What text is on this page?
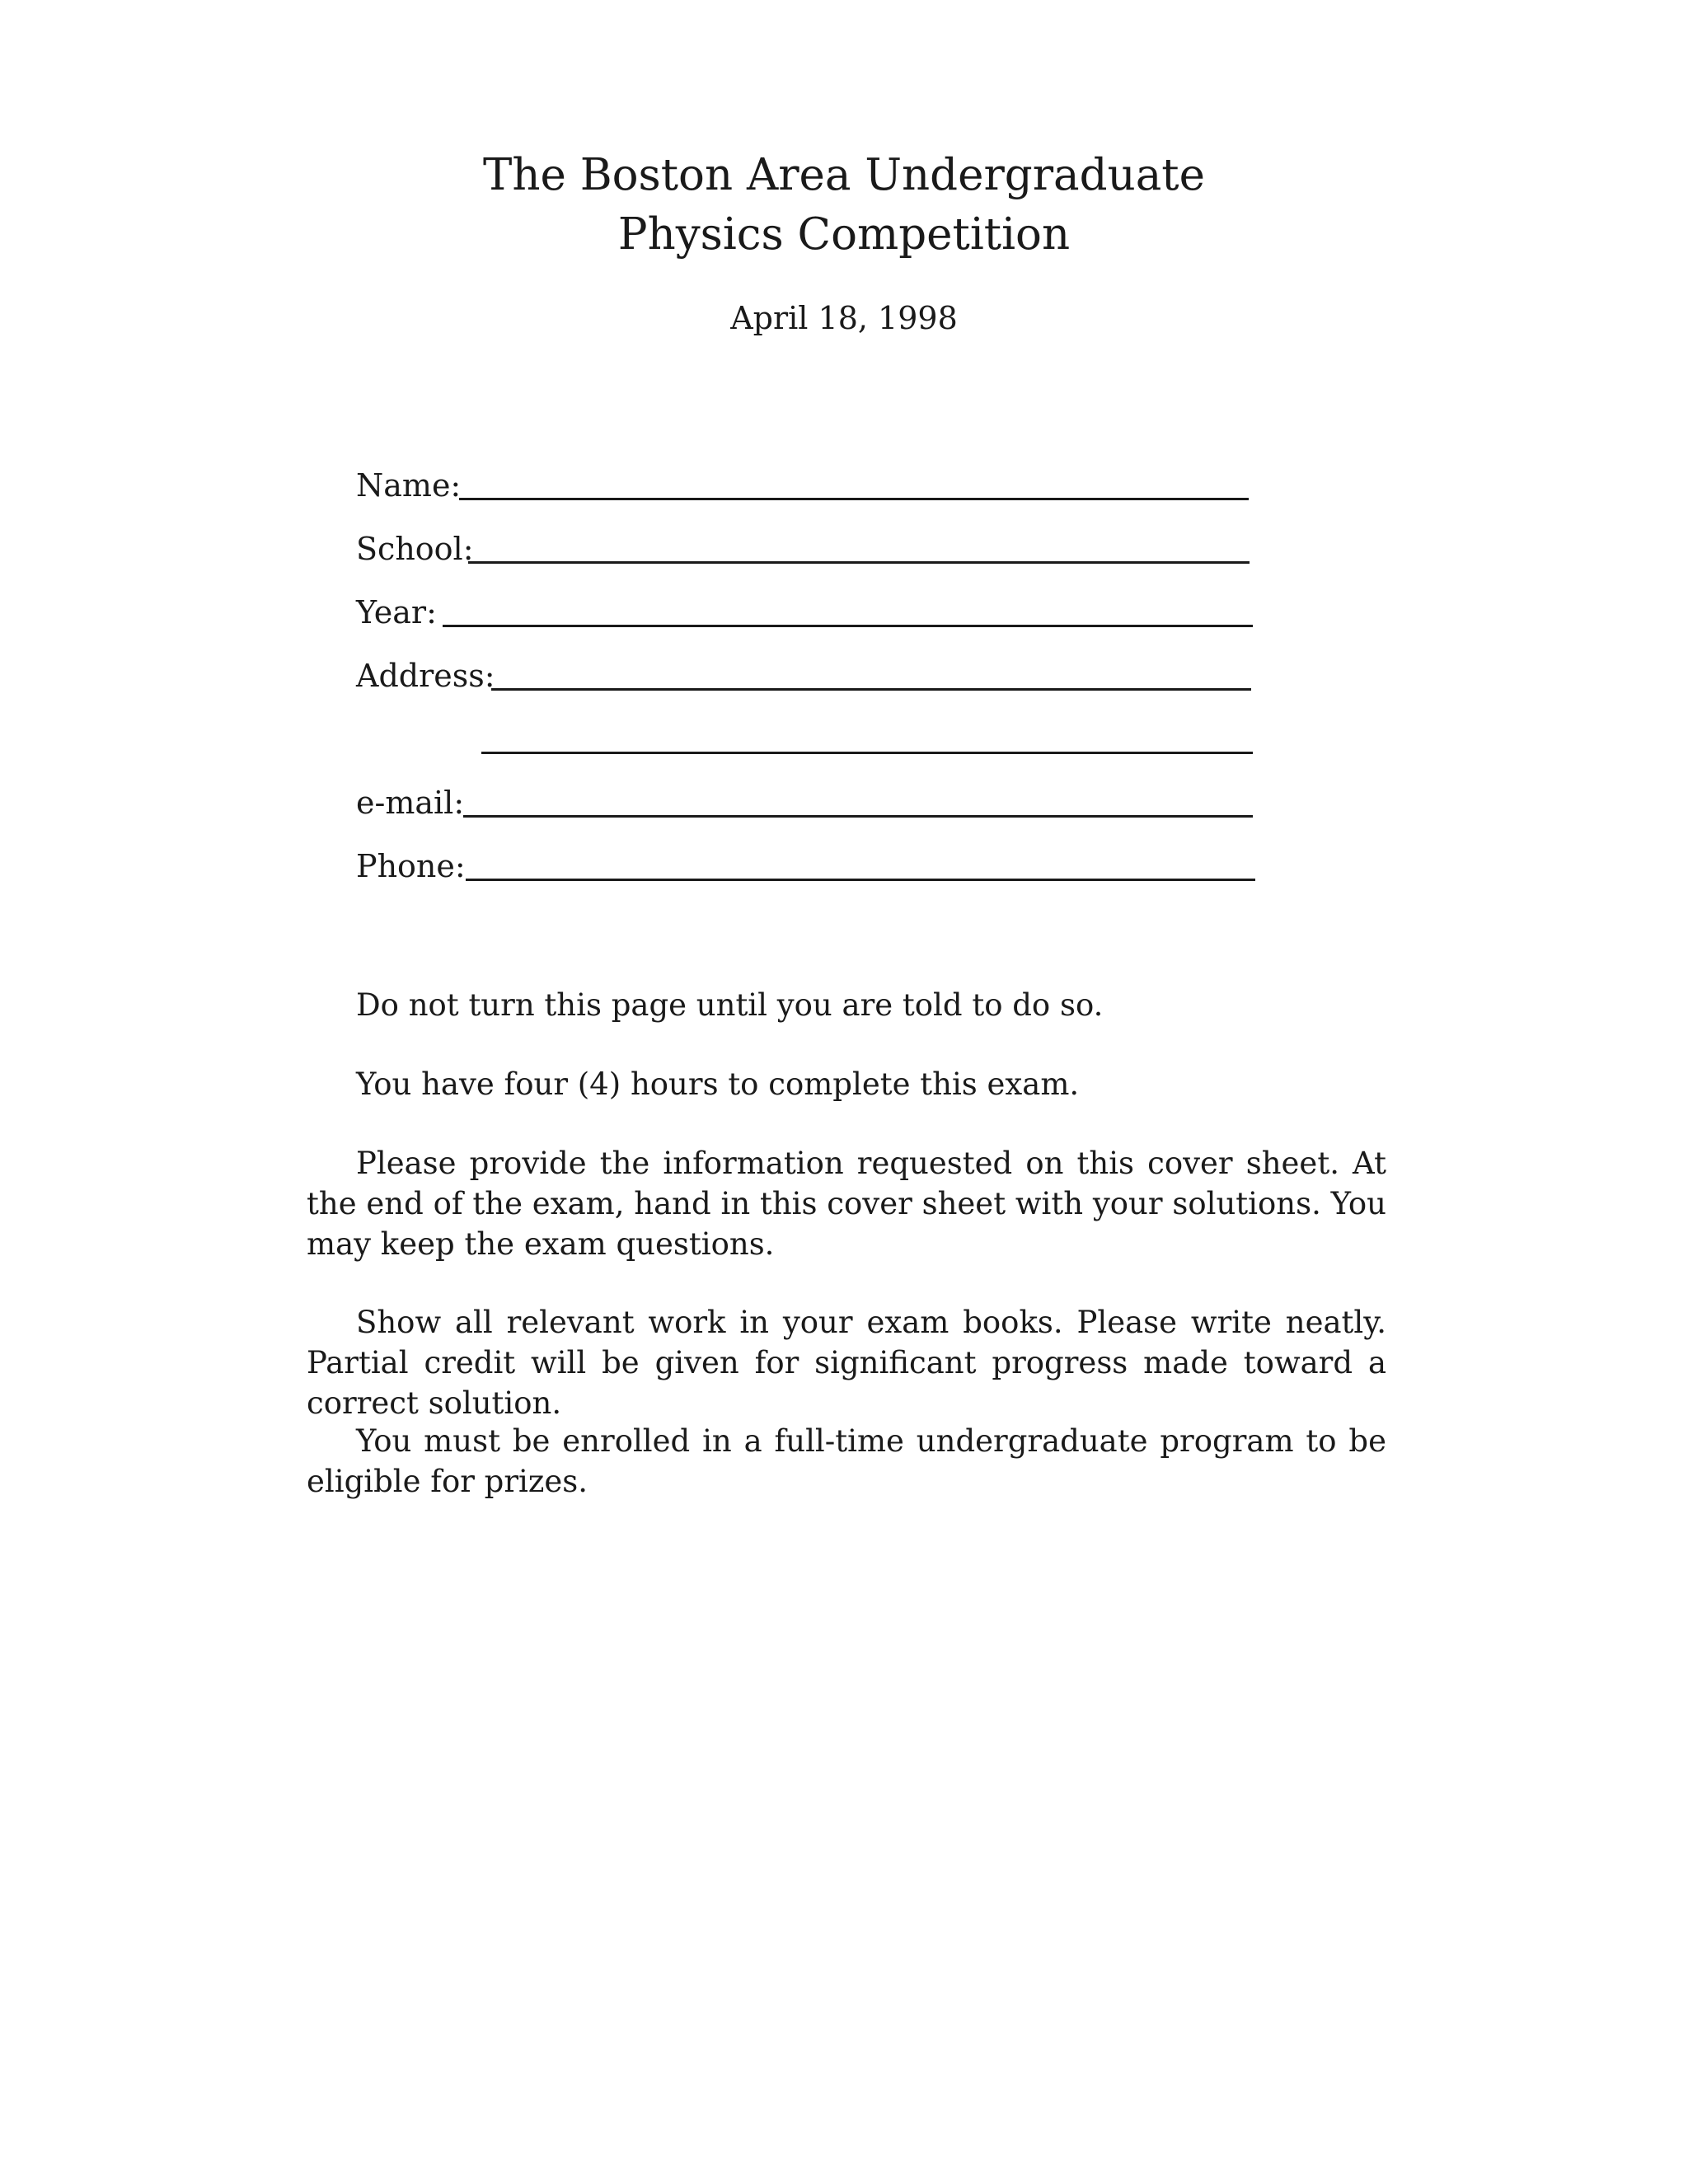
The Boston Area Undergraduate
Physics Competition
April 18, 1998
Name:
School:
Year:
Address:
e-mail:
Phone:

Do not turn this page until you are told to do so.

You have four (4) hours to complete this exam.

Please provide the information requested on this cover sheet. At the end of the exam, hand in this cover sheet with your solutions. You may keep the exam questions.

Show all relevant work in your exam books. Please write neatly. Partial credit will be given for significant progress made toward a correct solution.

You must be enrolled in a full-time undergraduate program to be eligible for prizes.
